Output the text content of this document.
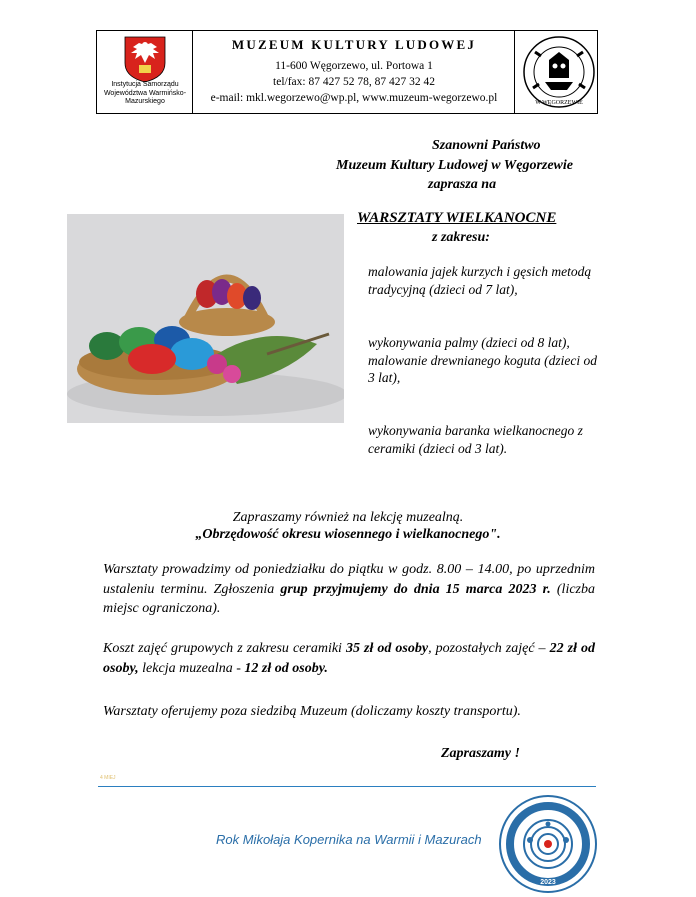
Instytucja Samorządu Województwa Warmińsko-Mazurskiego
MUZEUM KULTURY LUDOWEJ
11-600 Węgorzewo, ul. Portowa 1
tel/fax: 87 427 52 78, 87 427 32 42
e-mail: mkl.wegorzewo@wp.pl, www.muzeum-wegorzewo.pl	W WĘGORZEWIE
Szanowni Państwo
Muzeum Kultury Ludowej w Węgorzewie
zaprasza na
WARSZTATY WIELKANOCNE
z zakresu:
malowania jajek kurzych i gęsich metodą tradycyjną (dzieci od 7 lat),
wykonywania palmy (dzieci od 8 lat), malowanie drewnianego koguta (dzieci od 3 lat),
wykonywania baranka wielkanocnego z ceramiki (dzieci od 3 lat).
Zapraszamy również na lekcję muzealną.
„Obrzędowość okresu wiosennego i wielkanocnego".
Warsztaty prowadzimy od poniedziałku do piątku w godz. 8.00 – 14.00, po uprzednim ustaleniu terminu. Zgłoszenia grup przyjmujemy do dnia 15 marca 2023 r. (liczba miejsc ograniczona).
Koszt zajęć grupowych z zakresu ceramiki 35 zł od osoby, pozostałych zajęć – 22 zł od osoby, lekcja muzealna - 12 zł od osoby.
Warsztaty oferujemy poza siedzibą Muzeum (doliczamy koszty transportu).
Zapraszamy !
4 MIEJ
Rok Mikołaja Kopernika na Warmii i Mazurach
2023
